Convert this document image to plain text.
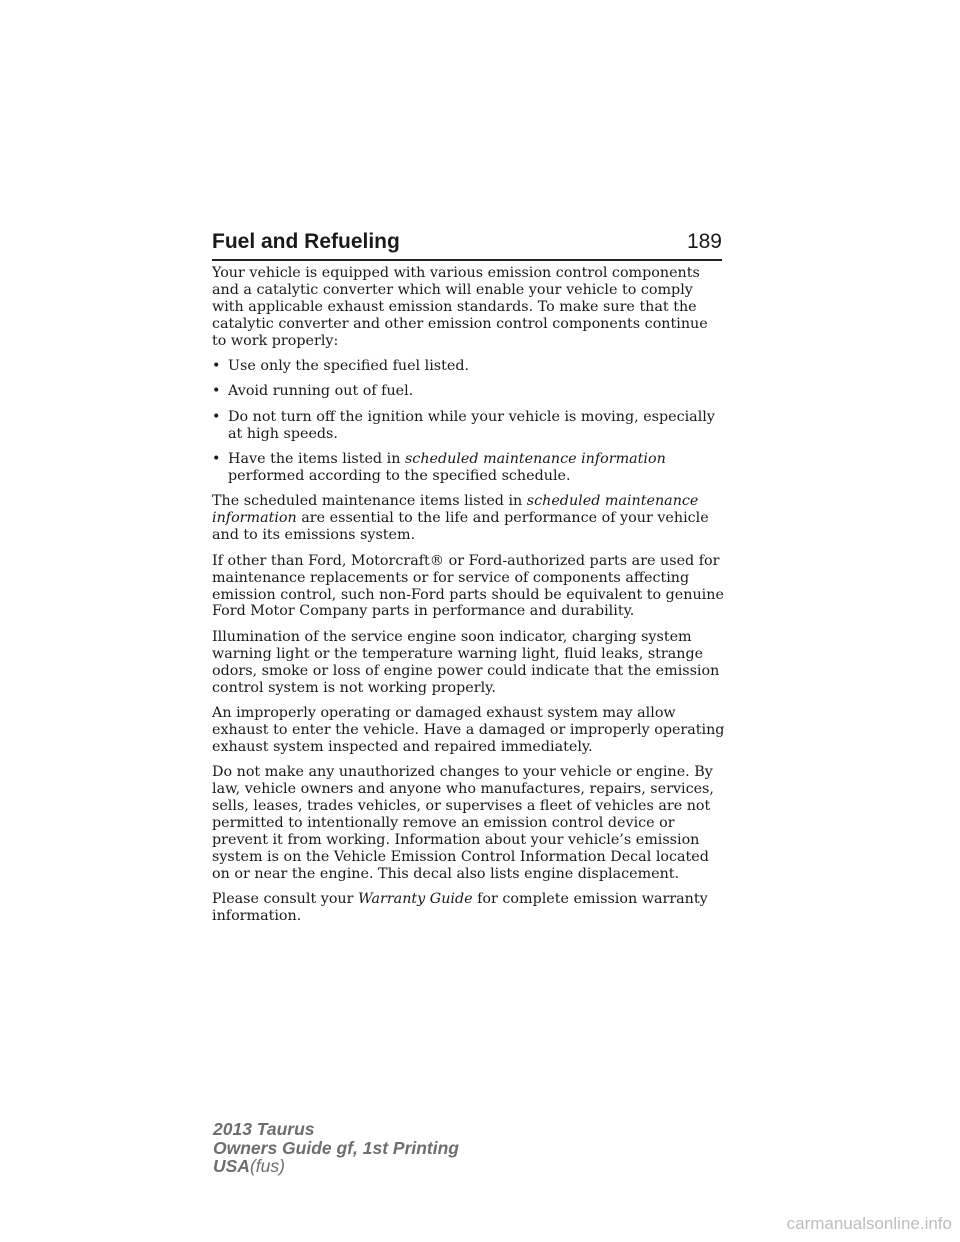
Fuel and Refueling	189

Your vehicle is equipped with various emission control components and a catalytic converter which will enable your vehicle to comply with applicable exhaust emission standards. To make sure that the catalytic converter and other emission control components continue to work properly:

• Use only the specified fuel listed.
• Avoid running out of fuel.
• Do not turn off the ignition while your vehicle is moving, especially at high speeds.
• Have the items listed in scheduled maintenance information performed according to the specified schedule.

The scheduled maintenance items listed in scheduled maintenance information are essential to the life and performance of your vehicle and to its emissions system.

If other than Ford, Motorcraft® or Ford-authorized parts are used for maintenance replacements or for service of components affecting emission control, such non-Ford parts should be equivalent to genuine Ford Motor Company parts in performance and durability.

Illumination of the service engine soon indicator, charging system warning light or the temperature warning light, fluid leaks, strange odors, smoke or loss of engine power could indicate that the emission control system is not working properly.

An improperly operating or damaged exhaust system may allow exhaust to enter the vehicle. Have a damaged or improperly operating exhaust system inspected and repaired immediately.

Do not make any unauthorized changes to your vehicle or engine. By law, vehicle owners and anyone who manufactures, repairs, services, sells, leases, trades vehicles, or supervises a fleet of vehicles are not permitted to intentionally remove an emission control device or prevent it from working. Information about your vehicle’s emission system is on the Vehicle Emission Control Information Decal located on or near the engine. This decal also lists engine displacement.

Please consult your Warranty Guide for complete emission warranty information.

2013 Taurus
Owners Guide gf, 1st Printing
USA(fus)
carmanualsonline.info
